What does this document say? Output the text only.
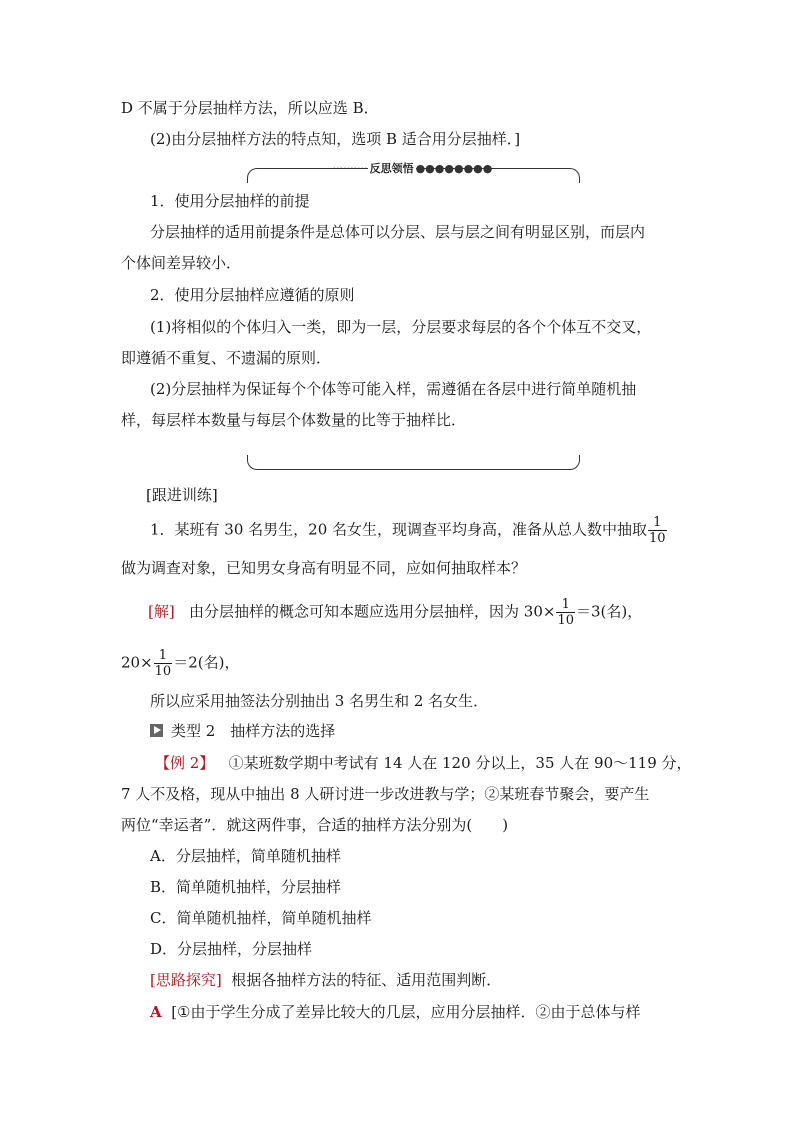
D 不属于分层抽样方法，所以应选 B．
(2)由分层抽样方法的特点知，选项 B 适合用分层抽样．]
·········· 反思领悟 ●●●●●●●●
1．使用分层抽样的前提
分层抽样的适用前提条件是总体可以分层、层与层之间有明显区别，而层内
个体间差异较小．
2．使用分层抽样应遵循的原则
(1)将相似的个体归入一类，即为一层，分层要求每层的各个个体互不交叉，
即遵循不重复、不遗漏的原则．
(2)分层抽样为保证每个个体等可能入样，需遵循在各层中进行简单随机抽
样，每层样本数量与每层个体数量的比等于抽样比．
[跟进训练]
1．某班有 30 名男生，20 名女生，现调查平均身高，准备从总人数中抽取 $\frac{1}{10}$
做为调查对象，已知男女身高有明显不同，应如何抽取样本？
[解] 由分层抽样的概念可知本题应选用分层抽样，因为 $30\times \frac{1}{10} =3$(名)，
$20\times \frac{1}{10} =2$(名)，
所以应采用抽签法分别抽出 3 名男生和 2 名女生．
类型 2　抽样方法的选择
【例 2】 ①某班数学期中考试有 14 人在 120 分以上，35 人在 90～119 分，
7 人不及格，现从中抽出 8 人研讨进一步改进教与学；②某班春节聚会，要产生
两位“幸运者”．就这两件事，合适的抽样方法分别为(　　)
A．分层抽样，简单随机抽样
B．简单随机抽样，分层抽样
C．简单随机抽样，简单随机抽样
D．分层抽样，分层抽样
[思路探究] 根据各抽样方法的特征、适用范围判断．
A [①由于学生分成了差异比较大的几层，应用分层抽样．②由于总体与样
